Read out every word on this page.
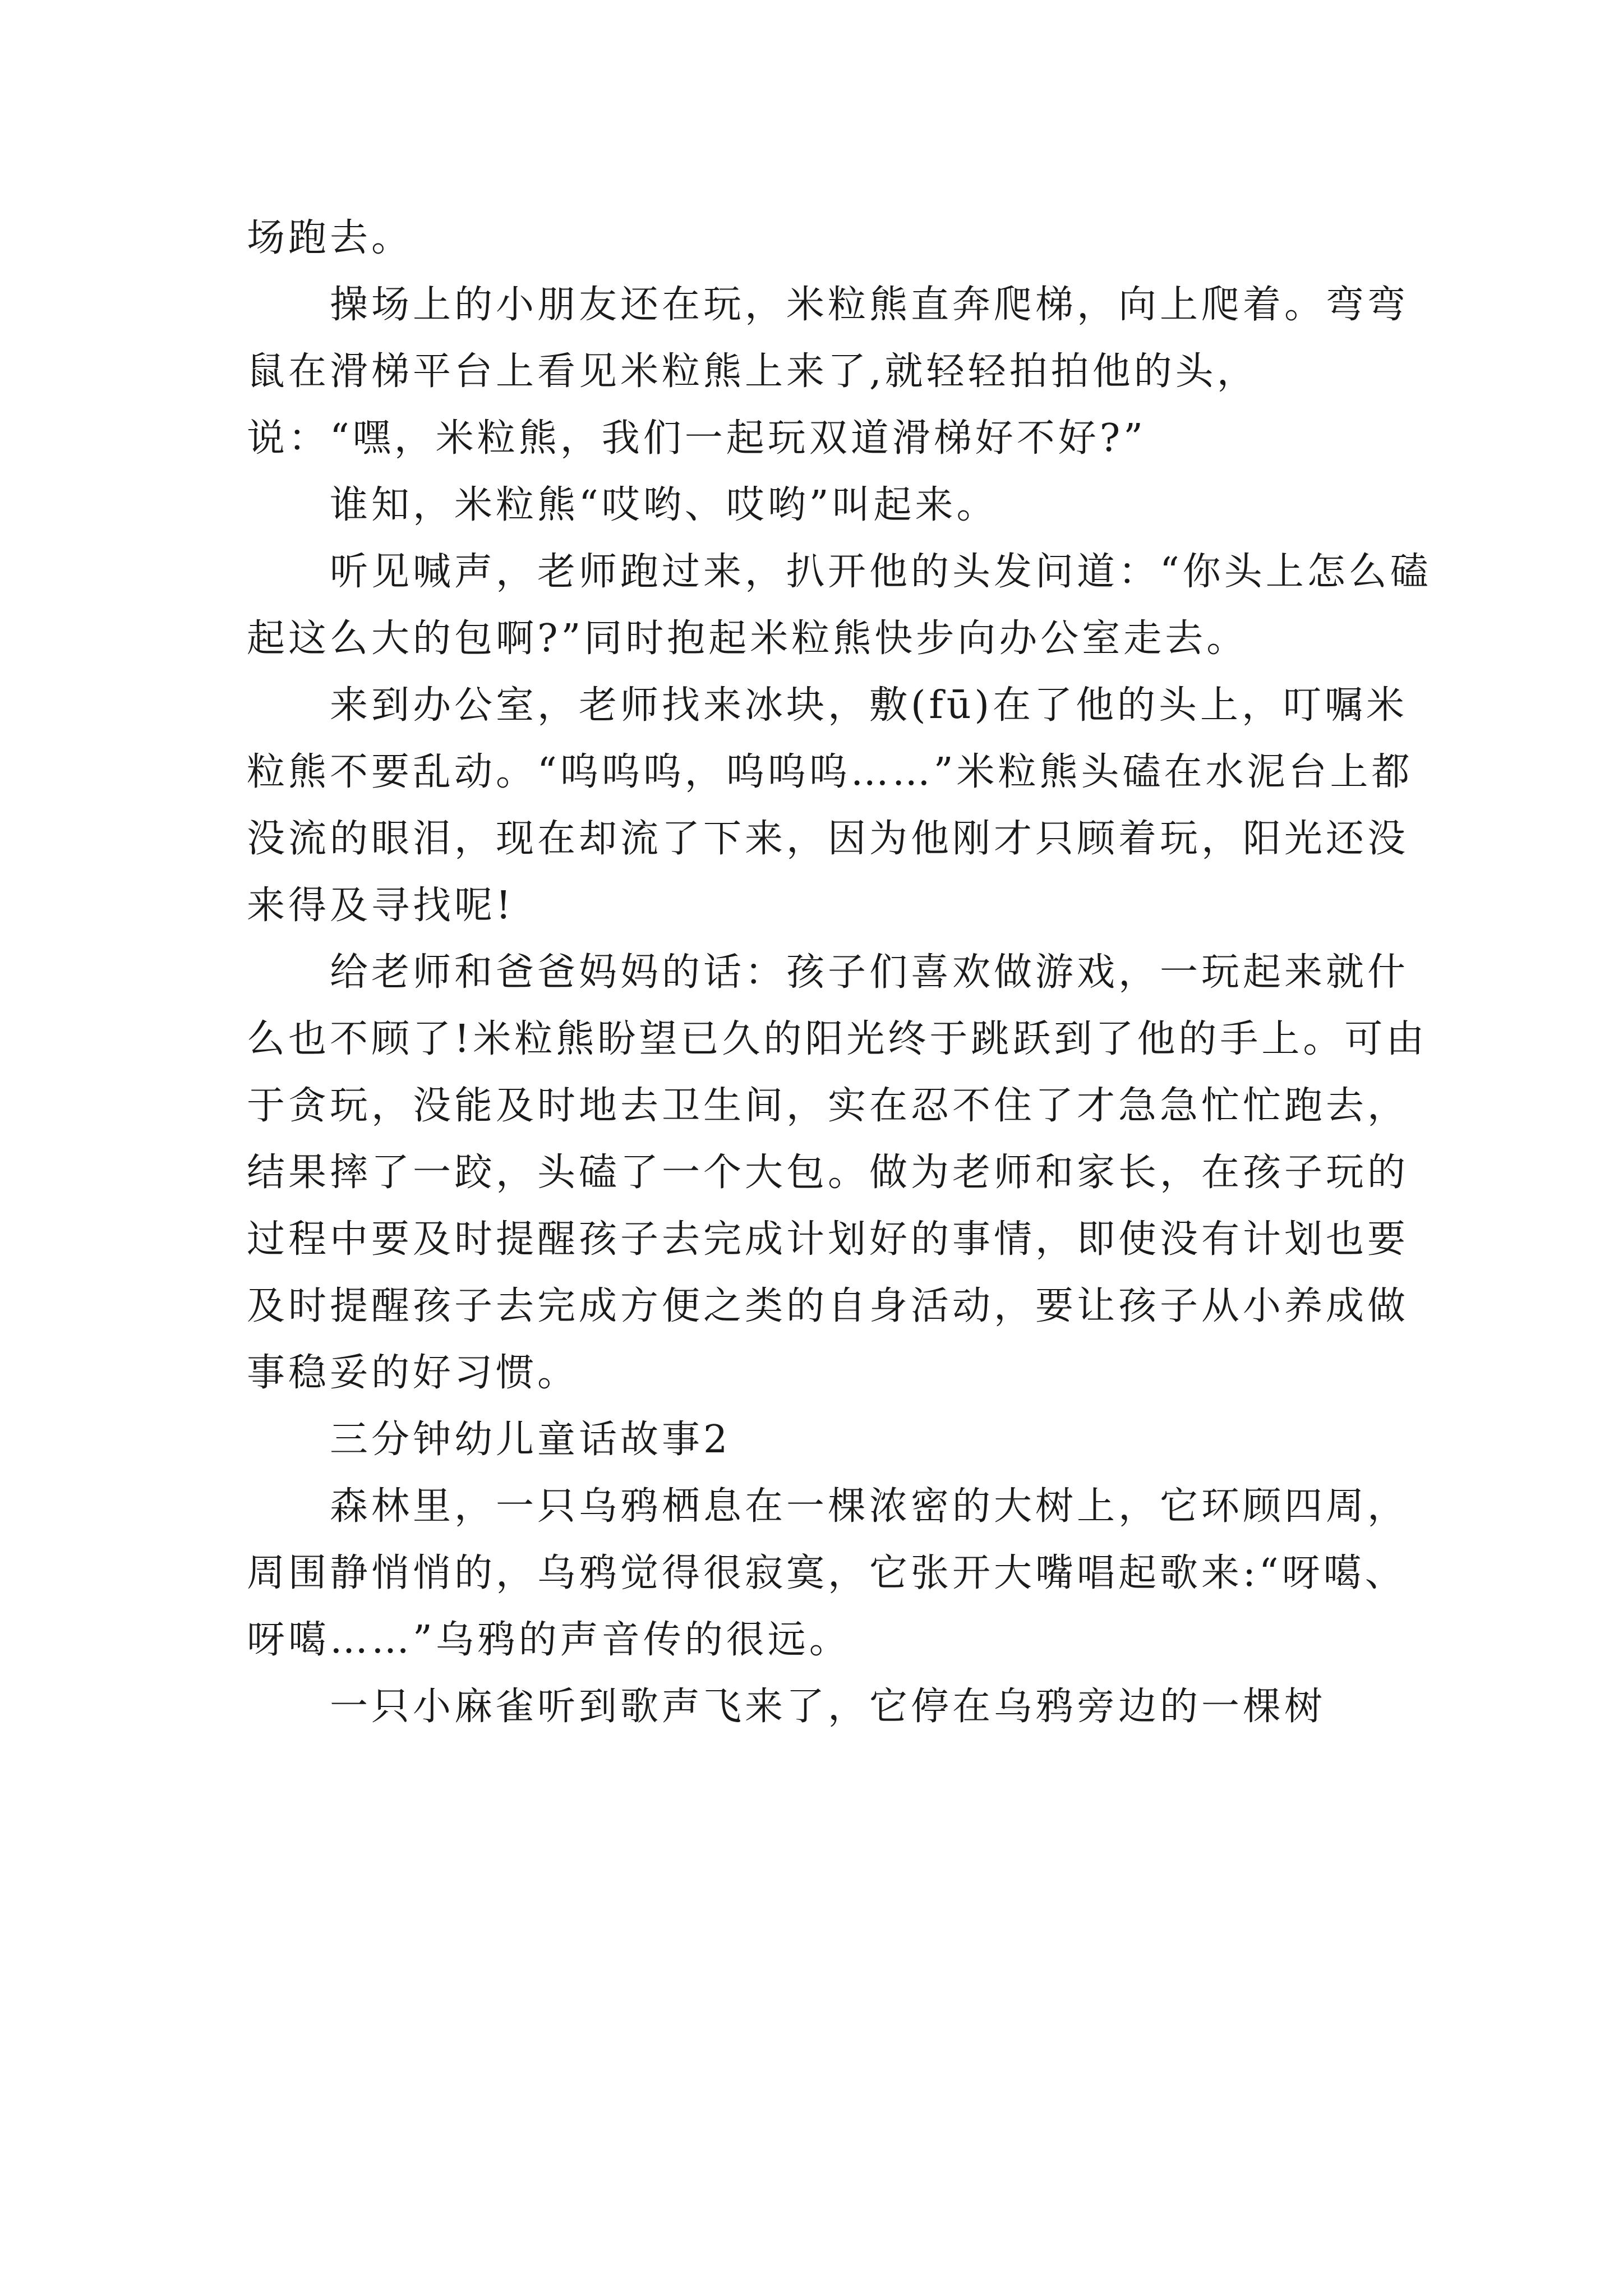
场跑去。

操场上的小朋友还在玩，米粒熊直奔爬梯，向上爬着。弯弯鼠在滑梯平台上看见米粒熊上来了,就轻轻拍拍他的头，说：“嘿，米粒熊，我们一起玩双道滑梯好不好?”

谁知，米粒熊“哎哟、哎哟”叫起来。

听见喊声，老师跑过来，扒开他的头发问道：“你头上怎么磕起这么大的包啊?”同时抱起米粒熊快步向办公室走去。

来到办公室，老师找来冰块，敷(fū)在了他的头上，叮嘱米粒熊不要乱动。“呜呜呜，呜呜呜……”米粒熊头磕在水泥台上都没流的眼泪，现在却流了下来，因为他刚才只顾着玩，阳光还没来得及寻找呢!

给老师和爸爸妈妈的话：孩子们喜欢做游戏，一玩起来就什么也不顾了!米粒熊盼望已久的阳光终于跳跃到了他的手上。可由于贪玩，没能及时地去卫生间，实在忍不住了才急急忙忙跑去，结果摔了一跤，头磕了一个大包。做为老师和家长，在孩子玩的过程中要及时提醒孩子去完成计划好的事情，即使没有计划也要及时提醒孩子去完成方便之类的自身活动，要让孩子从小养成做事稳妥的好习惯。

三分钟幼儿童话故事2

森林里，一只乌鸦栖息在一棵浓密的大树上，它环顾四周，周围静悄悄的，乌鸦觉得很寂寞，它张开大嘴唱起歌来:“呀噶、呀噶……”乌鸦的声音传的很远。

一只小麻雀听到歌声飞来了，它停在乌鸦旁边的一棵树
